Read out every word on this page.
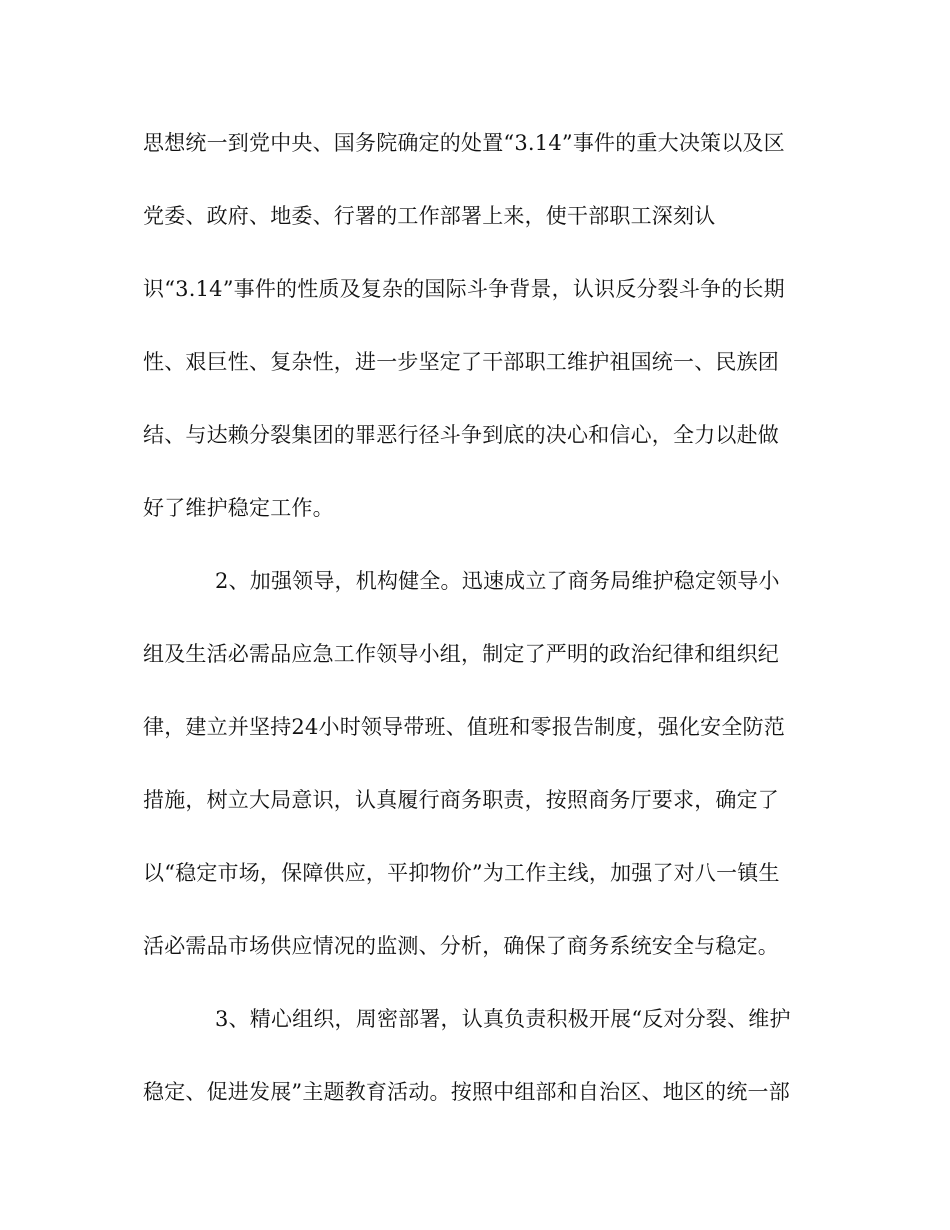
思想统一到党中央、国务院确定的处置“3.14”事件的重大决策以及区
党委、政府、地委、行署的工作部署上来，使干部职工深刻认
识“3.14”事件的性质及复杂的国际斗争背景，认识反分裂斗争的长期
性、艰巨性、复杂性，进一步坚定了干部职工维护祖国统一、民族团
结、与达赖分裂集团的罪恶行径斗争到底的决心和信心，全力以赴做
好了维护稳定工作。
2、加强领导，机构健全。迅速成立了商务局维护稳定领导小
组及生活必需品应急工作领导小组，制定了严明的政治纪律和组织纪
律，建立并坚持24小时领导带班、值班和零报告制度，强化安全防范
措施，树立大局意识，认真履行商务职责，按照商务厅要求，确定了
以“稳定市场，保障供应，平抑物价”为工作主线，加强了对八一镇生
活必需品市场供应情况的监测、分析，确保了商务系统安全与稳定。
3、精心组织，周密部署，认真负责积极开展“反对分裂、维护
稳定、促进发展”主题教育活动。按照中组部和自治区、地区的统一部
